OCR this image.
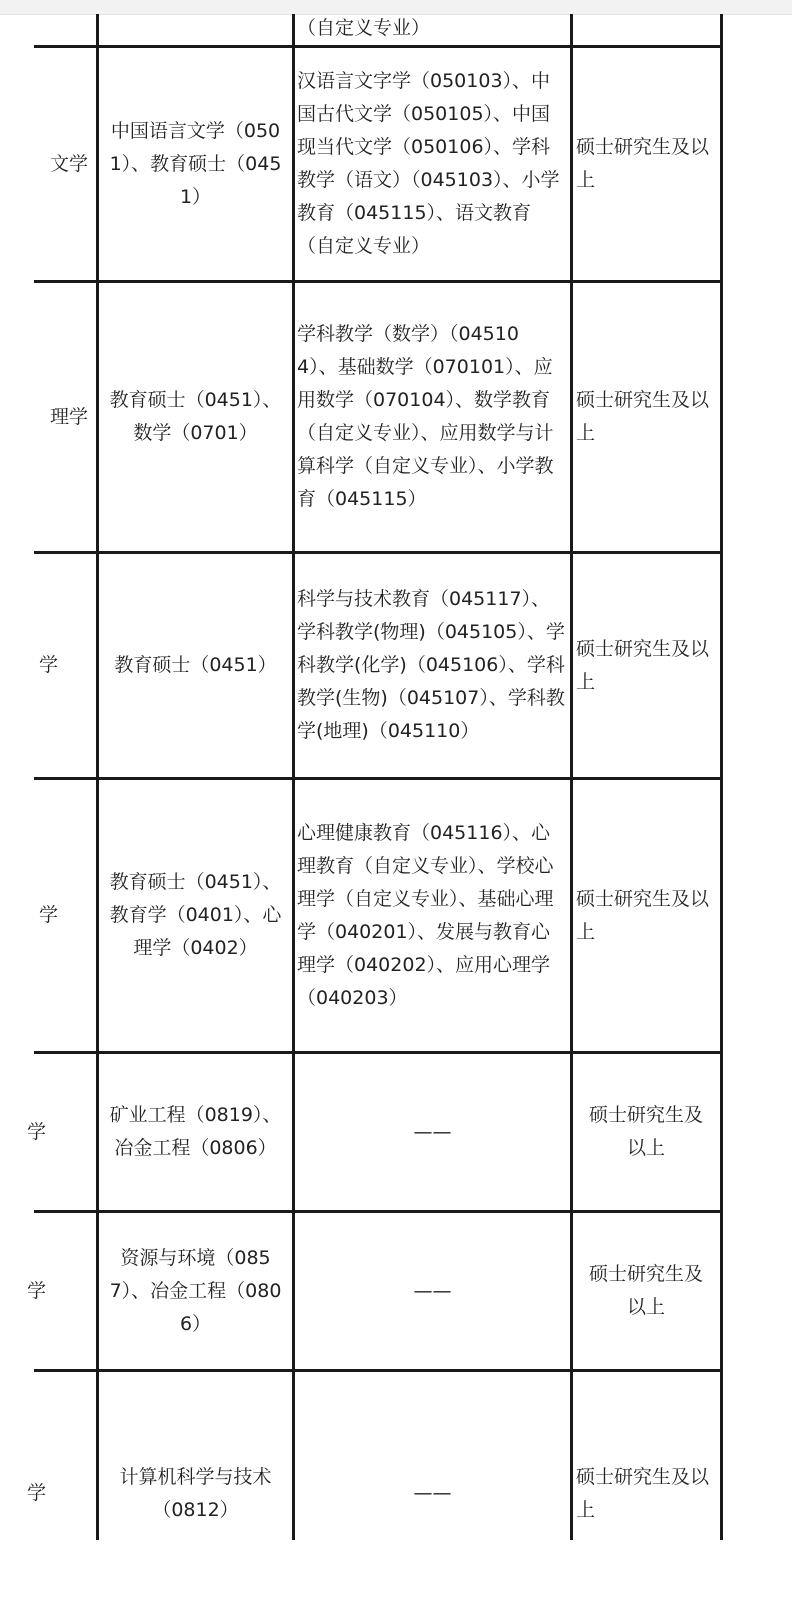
（自定义专业）
文学
中国语言文学（050 1）、教育硕士（045 1）
汉语言文字学（050103）、中国古代文学（050105）、中国现当代文学（050106）、学科教学（语文）（045103）、小学教育（045115）、语文教育（自定义专业）
硕士研究生及以上
理学
教育硕士（0451）、数学（0701）
学科教学（数学）（04510 4）、基础数学（070101）、应用数学（070104）、数学教育（自定义专业）、应用数学与计算科学（自定义专业）、小学教育（045115）
硕士研究生及以上
学	教育硕士（0451）
科学与技术教育（045117）、学科教学(物理)（045105）、学科教学(化学)（045106）、学科教学(生物)（045107）、学科教学(地理)（045110）
硕士研究生及以上
学
教育硕士（0451）、教育学（0401）、心理学（0402）
心理健康教育（045116）、心理教育（自定义专业）、学校心理学（自定义专业）、基础心理学（040201）、发展与教育心理学（040202）、应用心理学（040203）
硕士研究生及以上
学
矿业工程（0819）、冶金工程（0806）
——
硕士研究生及以上
学
资源与环境（085 7）、冶金工程（080 6）
——
硕士研究生及以上
学
计算机科学与技术（0812）
——
硕士研究生及以上
